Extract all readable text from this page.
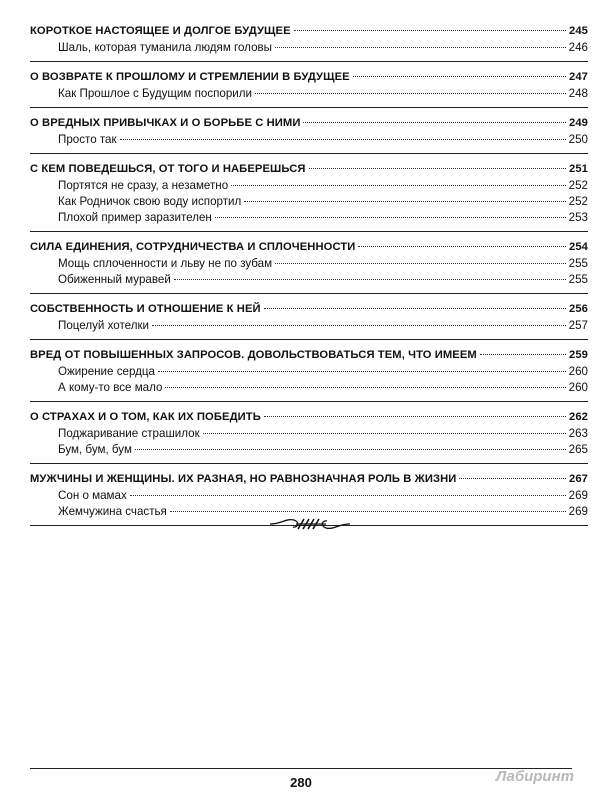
КОРОТКОЕ НАСТОЯЩЕЕ И ДОЛГОЕ БУДУЩЕЕ	245
Шаль, которая туманила людям головы	246
О ВОЗВРАТЕ К ПРОШЛОМУ И СТРЕМЛЕНИИ В БУДУЩЕЕ	247
Как Прошлое с Будущим поспорили	248
О ВРЕДНЫХ ПРИВЫЧКАХ И О БОРЬБЕ С НИМИ	249
Просто так	250
С КЕМ ПОВЕДЕШЬСЯ, ОТ ТОГО И НАБЕРЕШЬСЯ	251
Портятся не сразу, а незаметно	252
Как Родничок свою воду испортил	252
Плохой пример заразителен	253
СИЛА ЕДИНЕНИЯ, СОТРУДНИЧЕСТВА И СПЛОЧЕННОСТИ	254
Мощь сплоченности и льву не по зубам	255
Обиженный муравей	255
СОБСТВЕННОСТЬ И ОТНОШЕНИЕ К НЕЙ	256
Поцелуй хотелки	257
ВРЕД ОТ ПОВЫШЕННЫХ ЗАПРОСОВ. ДОВОЛЬСТВОВАТЬСЯ ТЕМ, ЧТО ИМЕЕМ	259
Ожирение сердца	260
А кому-то все мало	260
О СТРАХАХ И О ТОМ, КАК ИХ ПОБЕДИТЬ	262
Поджаривание страшилок	263
Бум, бум, бум	265
МУЖЧИНЫ И ЖЕНЩИНЫ. ИХ РАЗНАЯ, НО РАВНОЗНАЧНАЯ РОЛЬ В ЖИЗНИ	267
Сон о мамах	269
Жемчужина счастья	269
280	Лабиринт
